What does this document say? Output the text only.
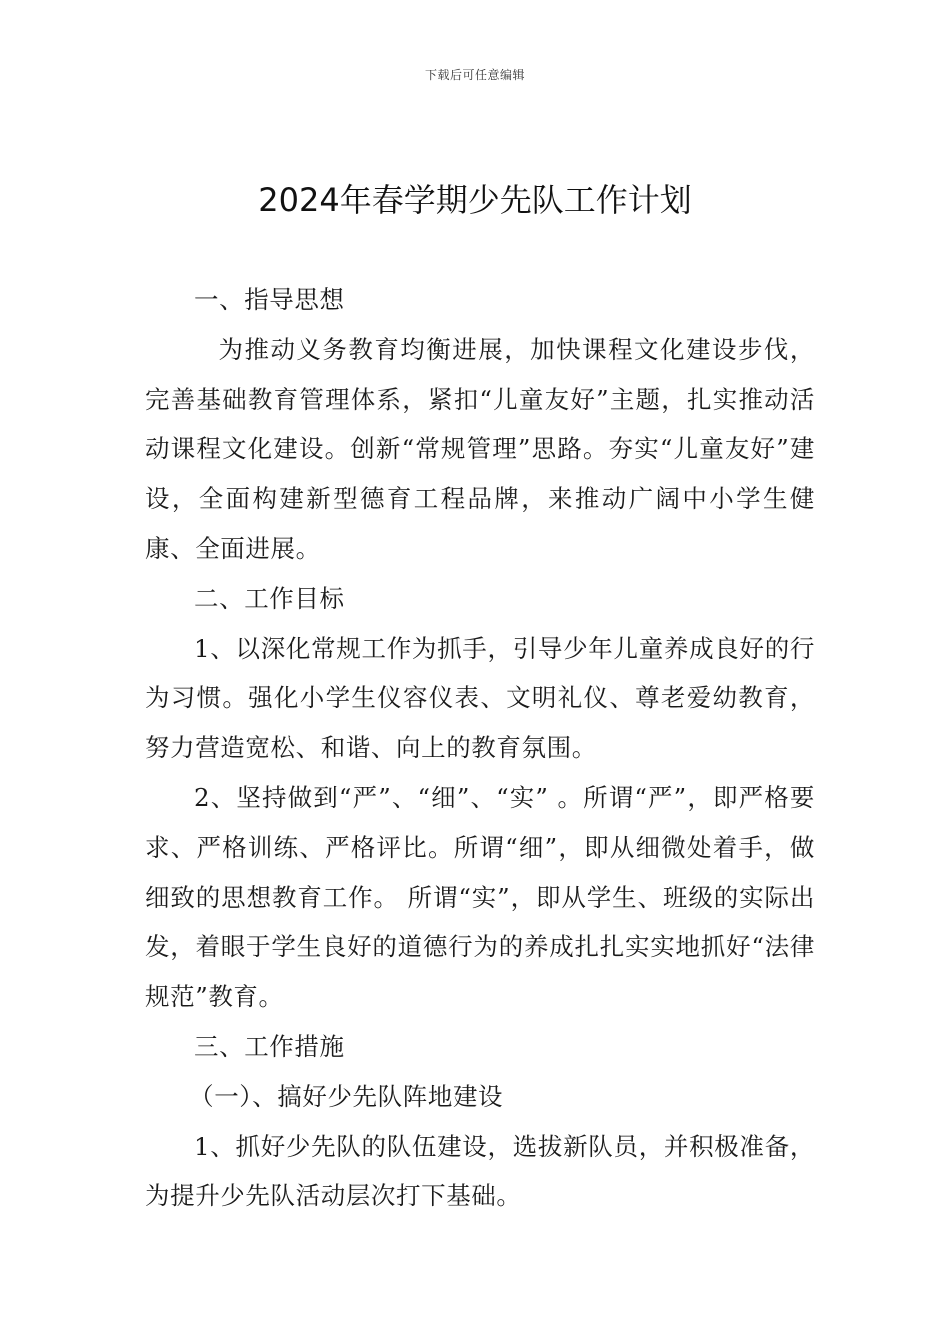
下载后可任意编辑
2024年春学期少先队工作计划

一、指导思想

为推动义务教育均衡进展，加快课程文化建设步伐，完善基础教育管理体系，紧扣“儿童友好”主题，扎实推动活动课程文化建设。创新“常规管理”思路。夯实“儿童友好”建设，全面构建新型德育工程品牌，来推动广阔中小学生健康、全面进展。

二、工作目标

1、以深化常规工作为抓手，引导少年儿童养成良好的行为习惯。强化小学生仪容仪表、文明礼仪、尊老爱幼教育，努力营造宽松、和谐、向上的教育氛围。

2、坚持做到“严”、“细”、“实” 。所谓“严”，即严格要求、严格训练、严格评比。所谓“细”，即从细微处着手，做细致的思想教育工作。 所谓“实”，即从学生、班级的实际出发，着眼于学生良好的道德行为的养成扎扎实实地抓好“法律规范”教育。

三、工作措施

（一）、搞好少先队阵地建设

1、抓好少先队的队伍建设，选拔新队员，并积极准备，为提升少先队活动层次打下基础。
